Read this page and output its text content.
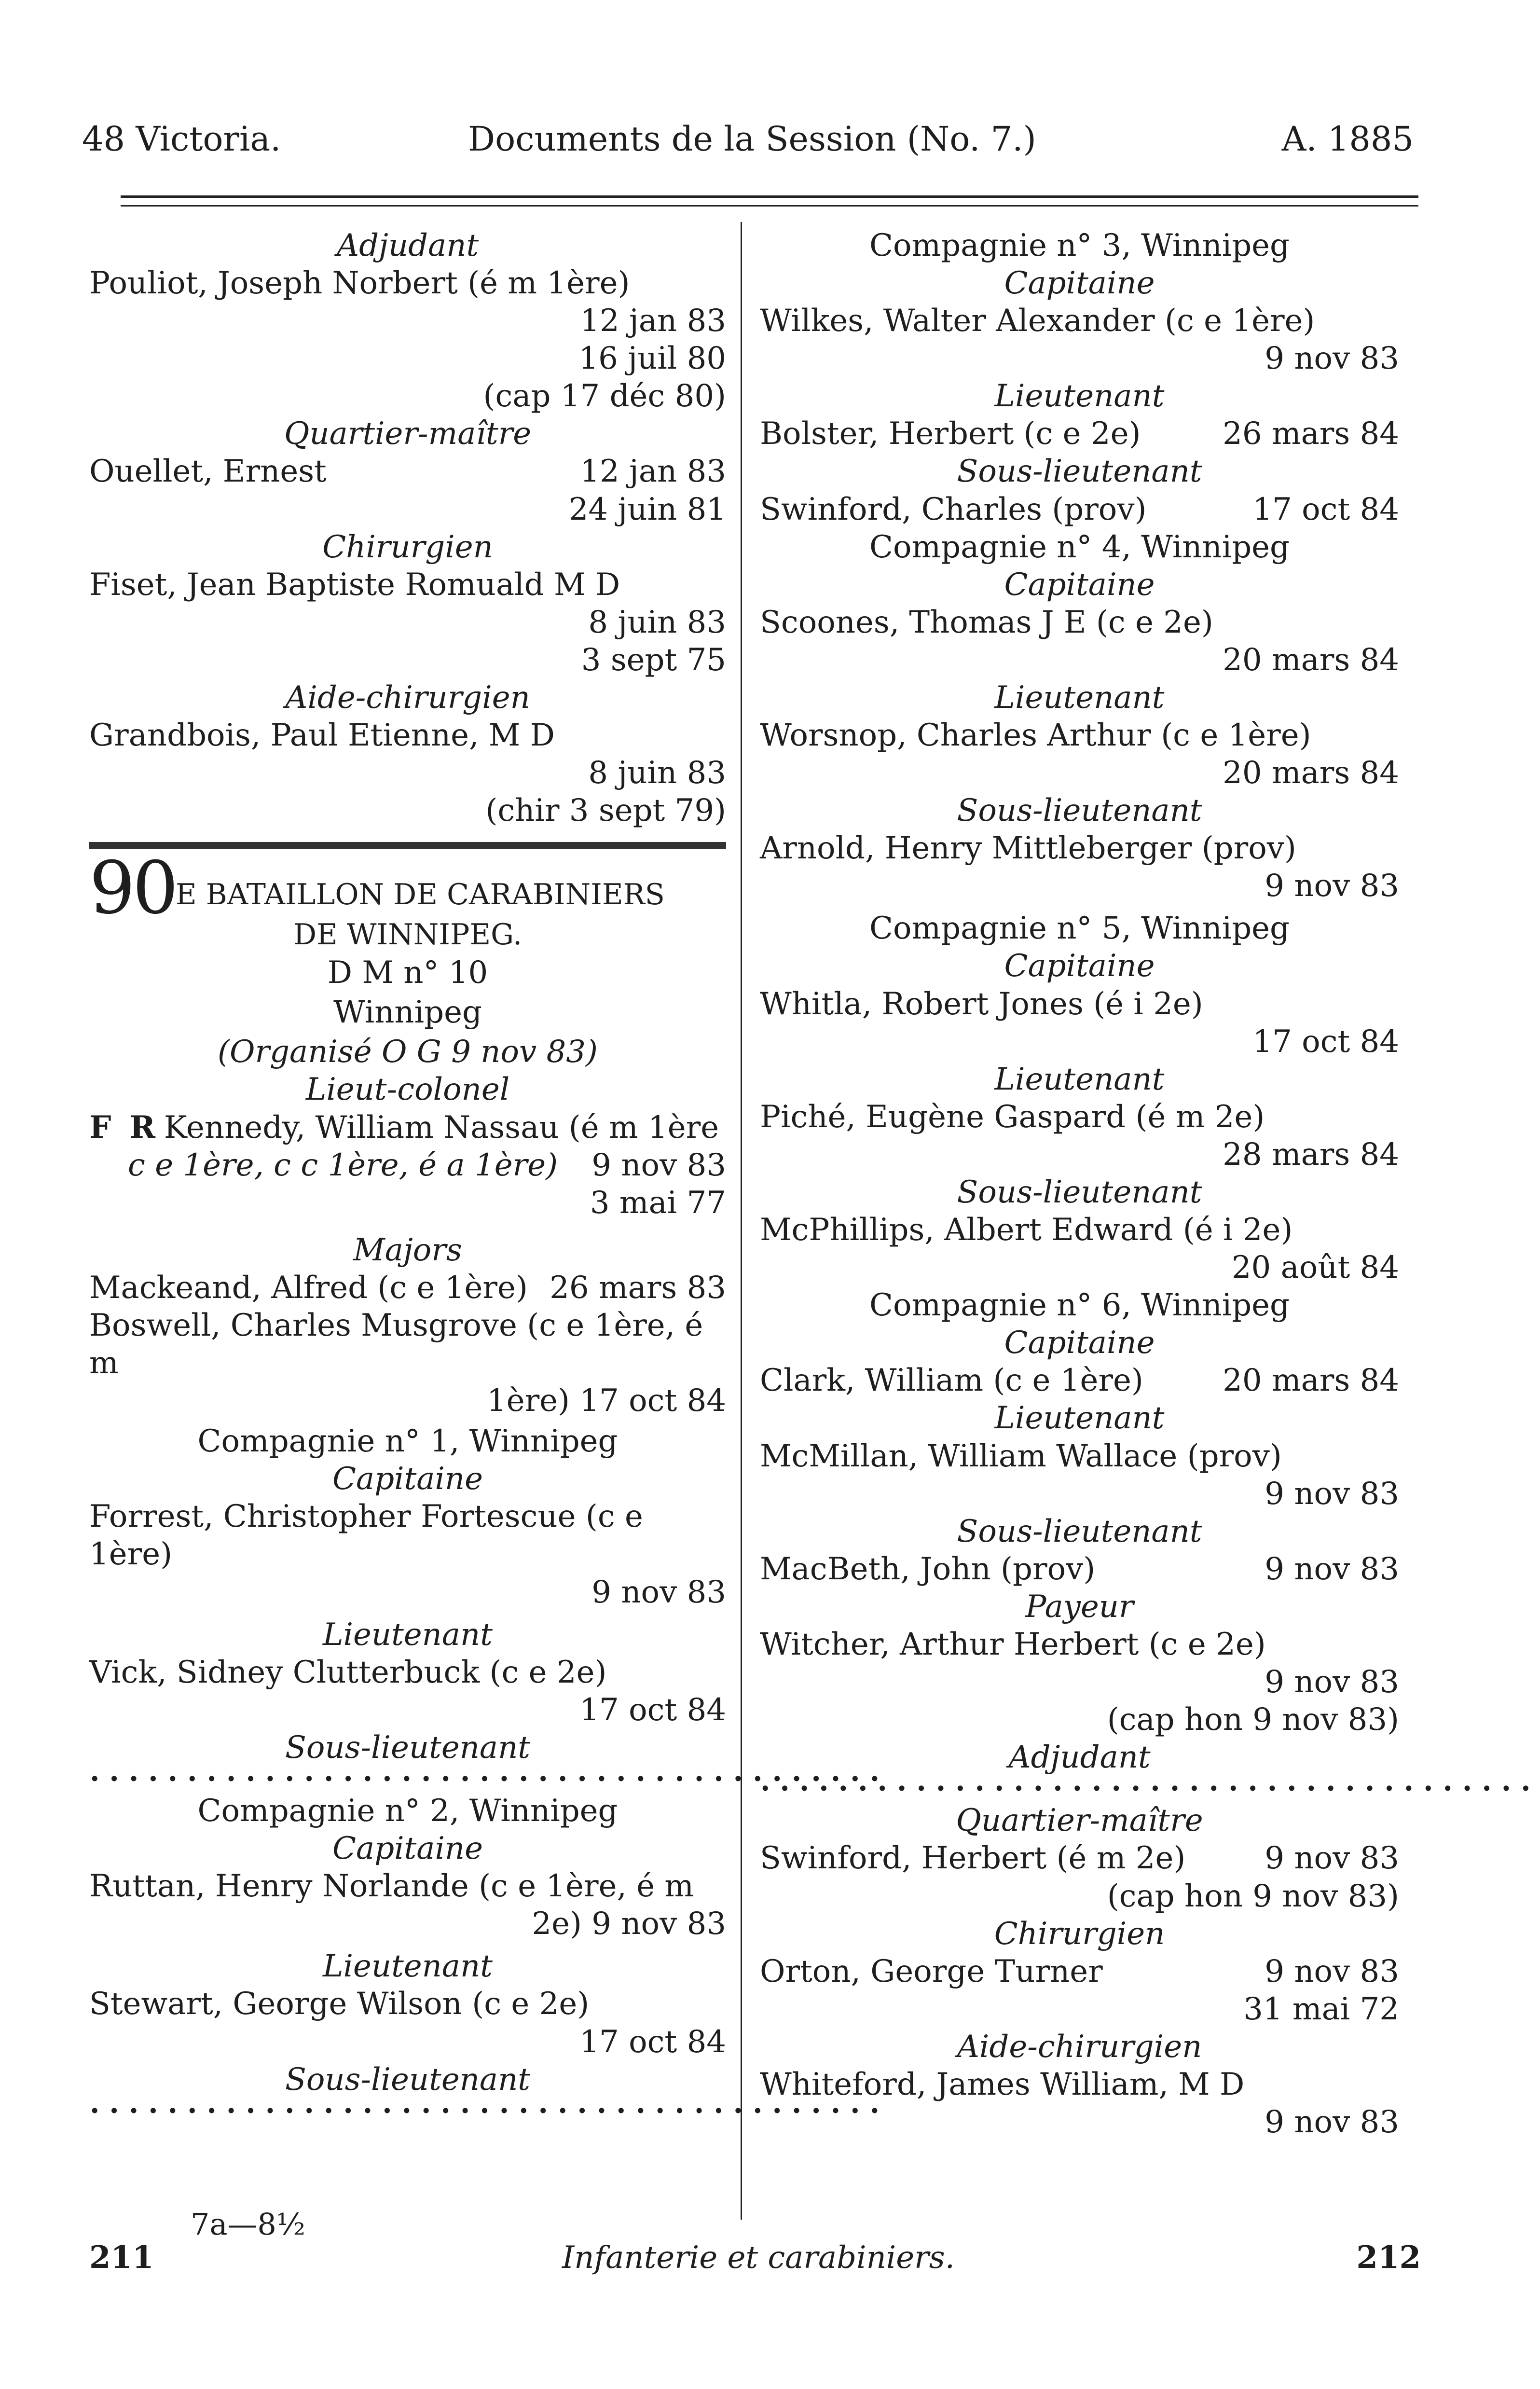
48 Victoria.	Documents de la Session (No. 7.)	A. 1885
Adjudant
Pouliot, Joseph Norbert (é m 1ère)
12 jan 83
16 juil 80
(cap 17 déc 80)
Quartier-maître
Ouellet, Ernest	12 jan 83
24 juin 81
Chirurgien
Fiset, Jean Baptiste Romuald M D
8 juin 83
3 sept 75
Aide-chirurgien
Grandbois, Paul Etienne, M D
8 juin 83
(chir 3 sept 79)
90E BATAILLON DE CARABINIERS
DE WINNIPEG.
D M n° 10
Winnipeg
(Organisé O G 9 nov 83)
Lieut-colonel
F R Kennedy, William Nassau (é m 1ère
c e 1ère, c c 1ère, é a 1ère) 9 nov 83
3 mai 77
Majors
Mackeand, Alfred (c e 1ère) 26 mars 83
Boswell, Charles Musgrove (c e 1ère, é m
1ère) 17 oct 84
Compagnie n° 1, Winnipeg
Capitaine
Forrest, Christopher Fortescue (c e 1ère)
9 nov 83
Lieutenant
Vick, Sidney Clutterbuck (c e 2e)
17 oct 84
Sous-lieutenant
•••••••••••••••••••••••••••••••••••••••••
Compagnie n° 2, Winnipeg
Capitaine
Ruttan, Henry Norlande (c e 1ère, é m
2e) 9 nov 83
Lieutenant
Stewart, George Wilson (c e 2e)
17 oct 84
Sous-lieutenant
•••••••••••••••••••••••••••••••••••••••••
Compagnie n° 3, Winnipeg
Capitaine
Wilkes, Walter Alexander (c e 1ère)
9 nov 83
Lieutenant
Bolster, Herbert (c e 2e)	26 mars 84
Sous-lieutenant
Swinford, Charles (prov)	17 oct 84
Compagnie n° 4, Winnipeg
Capitaine
Scoones, Thomas J E (c e 2e)
20 mars 84
Lieutenant
Worsnop, Charles Arthur (c e 1ère)
20 mars 84
Sous-lieutenant
Arnold, Henry Mittleberger (prov)
9 nov 83
Compagnie n° 5, Winnipeg
Capitaine
Whitla, Robert Jones (é i 2e)
17 oct 84
Lieutenant
Piché, Eugène Gaspard (é m 2e)
28 mars 84
Sous-lieutenant
McPhillips, Albert Edward (é i 2e)
20 août 84
Compagnie n° 6, Winnipeg
Capitaine
Clark, William (c e 1ère)	20 mars 84
Lieutenant
McMillan, William Wallace (prov)
9 nov 83
Sous-lieutenant
MacBeth, John (prov)	9 nov 83
Payeur
Witcher, Arthur Herbert (c e 2e)
9 nov 83
(cap hon 9 nov 83)
Adjudant
••••••••••••••••••••••••••••••••••••••••
Quartier-maître
Swinford, Herbert (é m 2e)	9 nov 83
(cap hon 9 nov 83)
Chirurgien
Orton, George Turner	9 nov 83
31 mai 72
Aide-chirurgien
Whiteford, James William, M D
9 nov 83
7a—8½
211	Infanterie et carabiniers.	212
